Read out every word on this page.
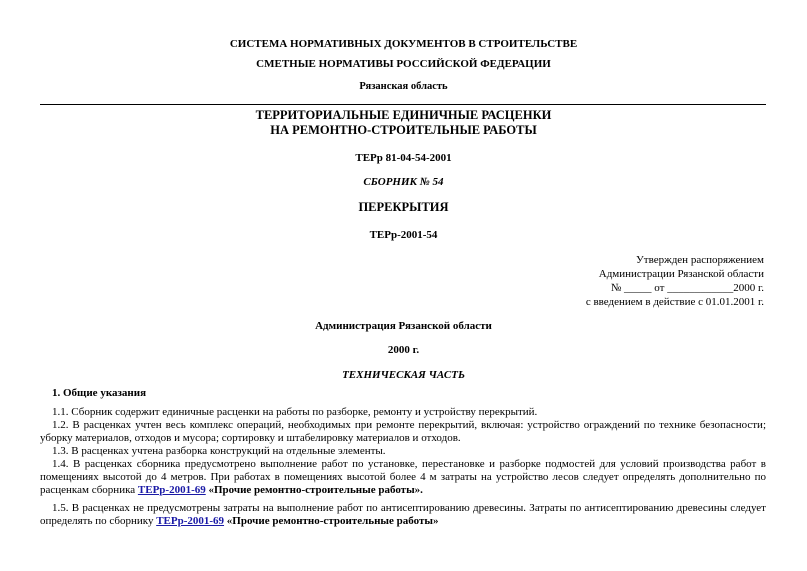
СИСТЕМА НОРМАТИВНЫХ ДОКУМЕНТОВ В СТРОИТЕЛЬСТВЕ
СМЕТНЫЕ НОРМАТИВЫ РОССИЙСКОЙ ФЕДЕРАЦИИ
Рязанская область
ТЕРРИТОРИАЛЬНЫЕ ЕДИНИЧНЫЕ РАСЦЕНКИ
НА РЕМОНТНО-СТРОИТЕЛЬНЫЕ РАБОТЫ
ТЕРр 81-04-54-2001
СБОРНИК № 54
ПЕРЕКРЫТИЯ
ТЕРр-2001-54
Утвержден распоряжением
Администрации Рязанской области
№ _____ от ____________2000 г.
с введением в действие с 01.01.2001 г.
Администрация Рязанской области
2000 г.
ТЕХНИЧЕСКАЯ ЧАСТЬ
1. Общие указания
1.1. Сборник содержит единичные расценки на работы по разборке, ремонту и устройству перекрытий.
1.2. В расценках учтен весь комплекс операций, необходимых при ремонте перекрытий, включая: устройство ограждений по технике безопасности; уборку материалов, отходов и мусора; сортировку и штабелировку материалов и отходов.
1.3. В расценках учтена разборка конструкций на отдельные элементы.
1.4. В расценках сборника предусмотрено выполнение работ по установке, перестановке и разборке подмостей для условий производства работ в помещениях высотой до 4 метров. При работах в помещениях высотой более 4 м затраты на устройство лесов следует определять дополнительно по расценкам сборника ТЕРр-2001-69 «Прочие ремонтно-строительные работы».
1.5. В расценках не предусмотрены затраты на выполнение работ по антисептированию древесины. Затраты по антисептированию древесины следует определять по сборнику ТЕРр-2001-69 «Прочие ремонтно-строительные работы»
